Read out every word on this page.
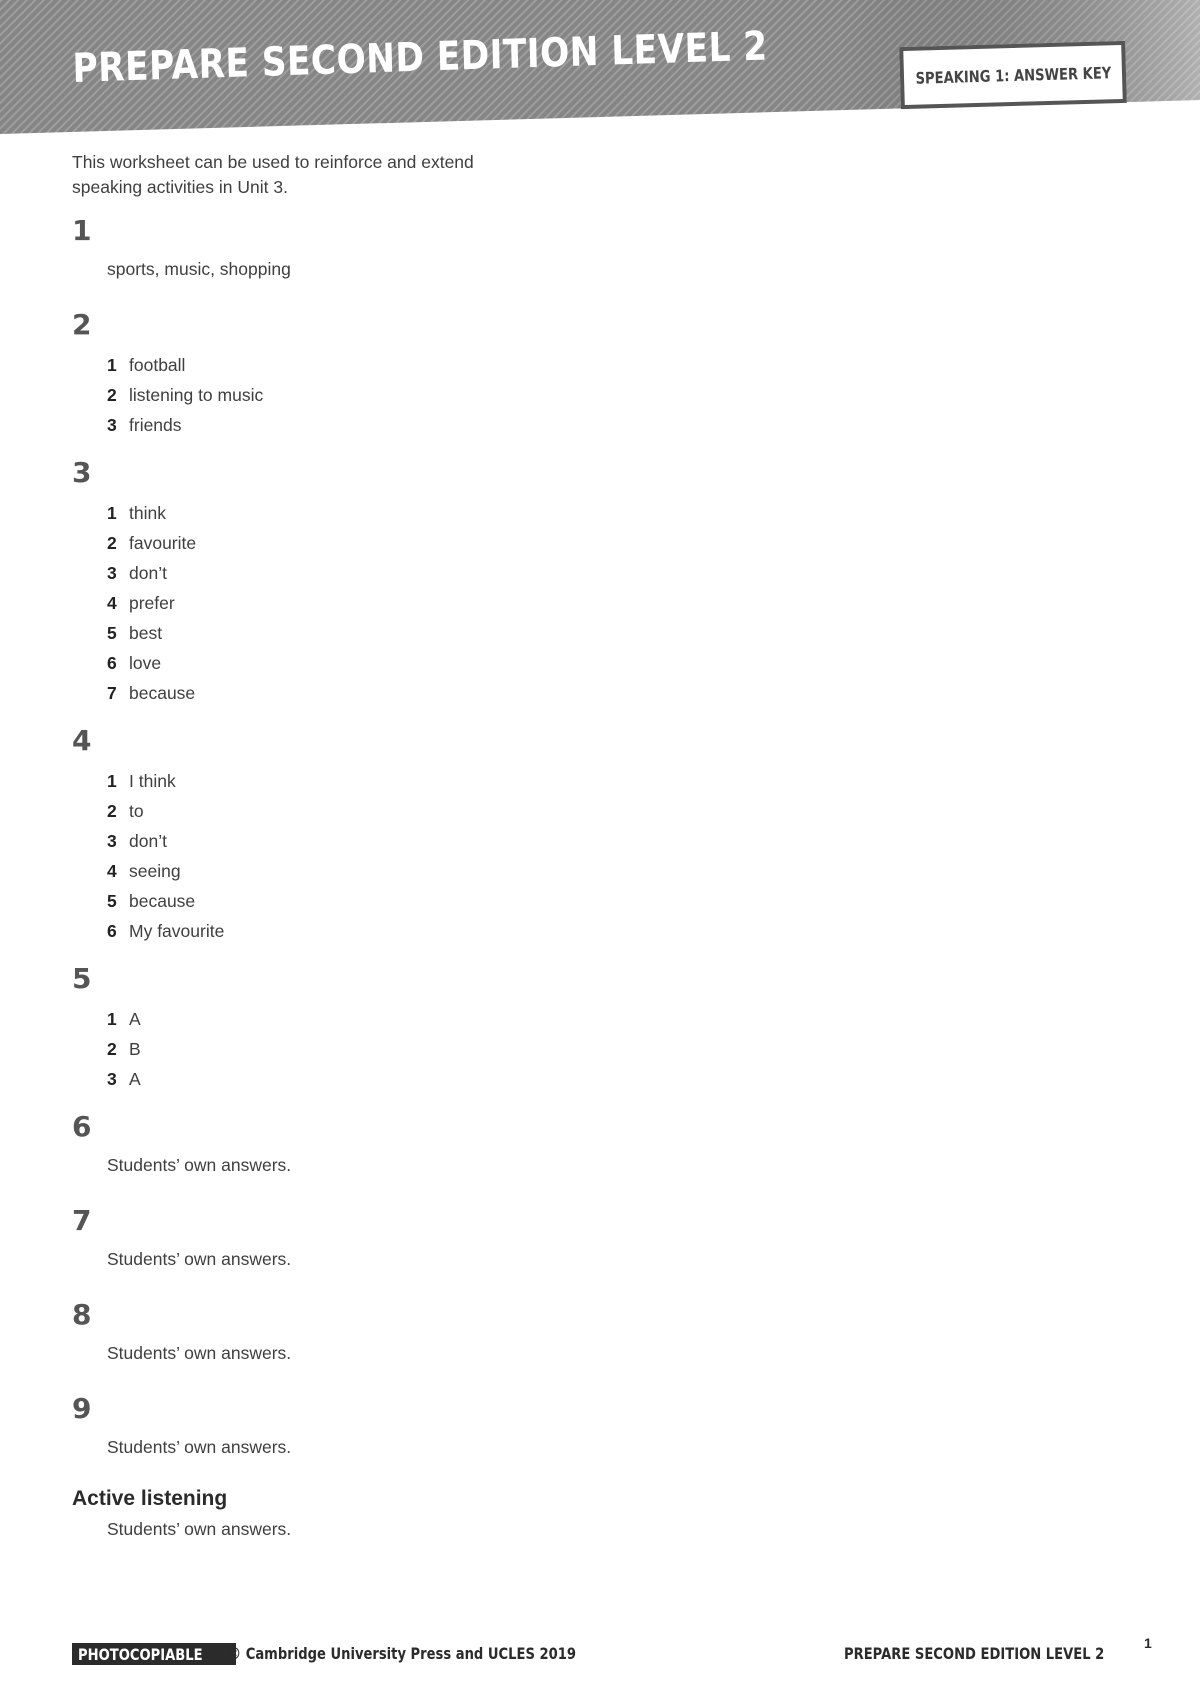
PREPARE SECOND EDITION LEVEL 2	SPEAKING 1: ANSWER KEY

This worksheet can be used to reinforce and extend
speaking activities in Unit 3.

1

sports, music, shopping

2

1 football
2 listening to music
3 friends

3

1 think
2 favourite
3 don’t
4 prefer
5 best
6 love
7 because

4

1 I think
2 to
3 don’t
4 seeing
5 because
6 My favourite

5

1 A
2 B
3 A

6

Students’ own answers.

7

Students’ own answers.

8

Students’ own answers.

9

Students’ own answers.

Active listening

Students’ own answers.

PHOTOCOPIABLE © Cambridge University Press and UCLES 2019	PREPARE SECOND EDITION LEVEL 2
1
